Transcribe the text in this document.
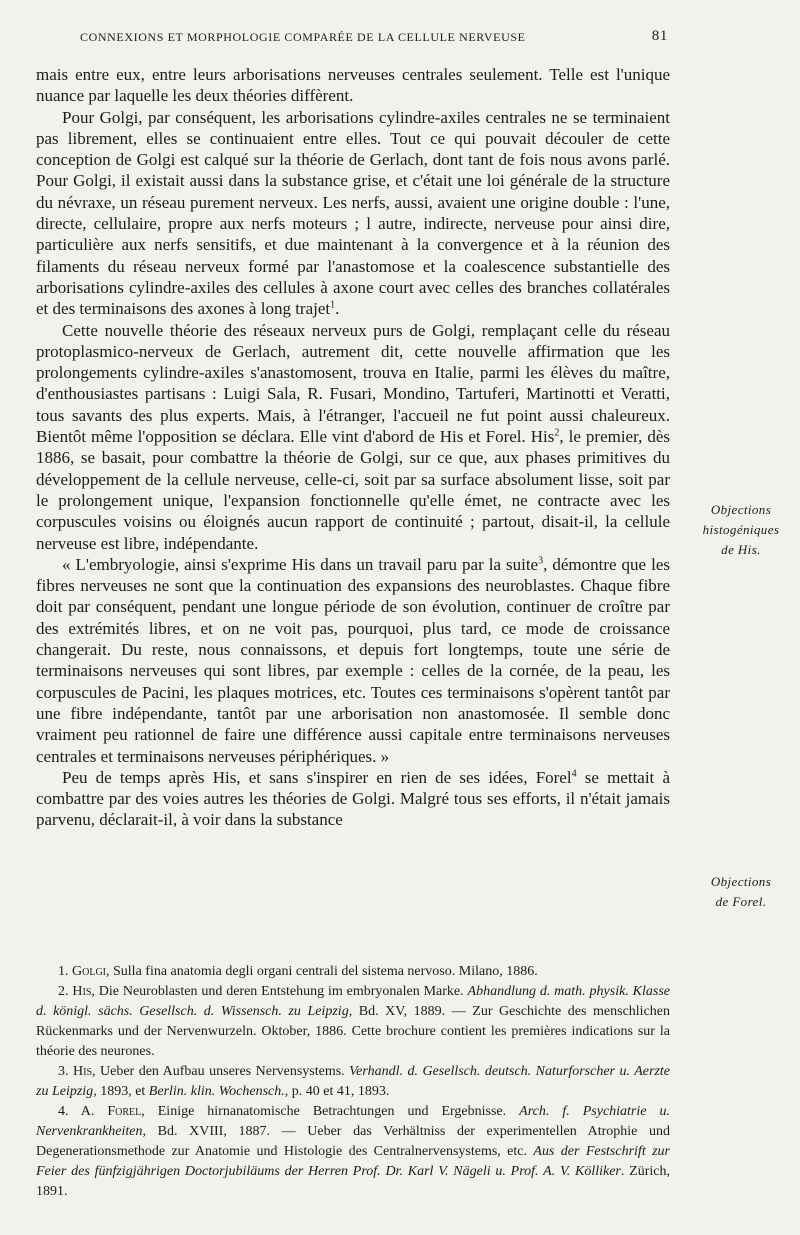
CONNEXIONS ET MORPHOLOGIE COMPARÉE DE LA CELLULE NERVEUSE	81

mais entre eux, entre leurs arborisations nerveuses centrales seulement. Telle est l'unique nuance par laquelle les deux théories diffèrent.

Pour Golgi, par conséquent, les arborisations cylindre-axiles centrales ne se terminaient pas librement, elles se continuaient entre elles. Tout ce qui pouvait découler de cette conception de Golgi est calqué sur la théorie de Gerlach, dont tant de fois nous avons parlé. Pour Golgi, il existait aussi dans la substance grise, et c'était une loi générale de la structure du névraxe, un réseau purement nerveux. Les nerfs, aussi, avaient une origine double : l'une, directe, cellulaire, propre aux nerfs moteurs ; l autre, indirecte, nerveuse pour ainsi dire, particulière aux nerfs sensitifs, et due maintenant à la convergence et à la réunion des filaments du réseau nerveux formé par l'anastomose et la coalescence substantielle des arborisations cylindre-axiles des cellules à axone court avec celles des branches collatérales et des terminaisons des axones à long trajet$^1$.

Cette nouvelle théorie des réseaux nerveux purs de Golgi, remplaçant celle du réseau protoplasmico-nerveux de Gerlach, autrement dit, cette nouvelle affirmation que les prolongements cylindre-axiles s'anastomosent, trouva en Italie, parmi les élèves du maître, d'enthousiastes partisans : Luigi Sala, R. Fusari, Mondino, Tartuferi, Martinotti et Veratti, tous savants des plus experts. Mais, à l'étranger, l'accueil ne fut point aussi chaleureux. Bientôt même l'opposition se déclara. Elle vint d'abord de His et Forel. His$^2$, le premier, dès 1886, se basait, pour combattre la théorie de Golgi, sur ce que, aux phases primitives du développement de la cellule nerveuse, celle-ci, soit par sa surface absolument lisse, soit par le prolongement unique, l'expansion fonctionnelle qu'elle émet, ne contracte avec les corpuscules voisins ou éloignés aucun rapport de continuité ; partout, disait-il, la cellule nerveuse est libre, indépendante.

« L'embryologie, ainsi s'exprime His dans un travail paru par la suite$^3$, démontre que les fibres nerveuses ne sont que la continuation des expansions des neuroblastes. Chaque fibre doit par conséquent, pendant une longue période de son évolution, continuer de croître par des extrémités libres, et on ne voit pas, pourquoi, plus tard, ce mode de croissance changerait. Du reste, nous connaissons, et depuis fort longtemps, toute une série de terminaisons nerveuses qui sont libres, par exemple : celles de la cornée, de la peau, les corpuscules de Pacini, les plaques motrices, etc. Toutes ces terminaisons s'opèrent tantôt par une fibre indépendante, tantôt par une arborisation non anastomosée. Il semble donc vraiment peu rationnel de faire une différence aussi capitale entre terminaisons nerveuses centrales et terminaisons nerveuses périphériques. »

Peu de temps après His, et sans s'inspirer en rien de ses idées, Forel$^4$ se mettait à combattre par des voies autres les théories de Golgi. Malgré tous ses efforts, il n'était jamais parvenu, déclarait-il, à voir dans la substance

Objections
histogéniques
de His.
Objections
de Forel.

1. Golgi, Sulla fina anatomia degli organi centrali del sistema nervoso. Milano, 1886.

2. His, Die Neuroblasten und deren Entstehung im embryonalen Marke. Abhandlung d. math. physik. Klasse d. königl. sächs. Gesellsch. d. Wissensch. zu Leipzig, Bd. XV, 1889. — Zur Geschichte des menschlichen Rückenmarks und der Nervenwurzeln. Oktober, 1886. Cette brochure contient les premières indications sur la théorie des neurones.

3. His, Ueber den Aufbau unseres Nervensystems. Verhandl. d. Gesellsch. deutsch. Naturforscher u. Aerzte zu Leipzig, 1893, et Berlin. klin. Wochensch., p. 40 et 41, 1893.

4. A. Forel, Einige hirnanatomische Betrachtungen und Ergebnisse. Arch. f. Psychiatrie u. Nervenkrankheiten, Bd. XVIII, 1887. — Ueber das Verhältniss der experimentellen Atrophie und Degenerationsmethode zur Anatomie und Histologie des Centralnervensystems, etc. Aus der Festschrift zur Feier des fünfzigjährigen Doctorjubiläums der Herren Prof. Dr. Karl V. Nägeli u. Prof. A. V. Kölliker. Zürich, 1891.
